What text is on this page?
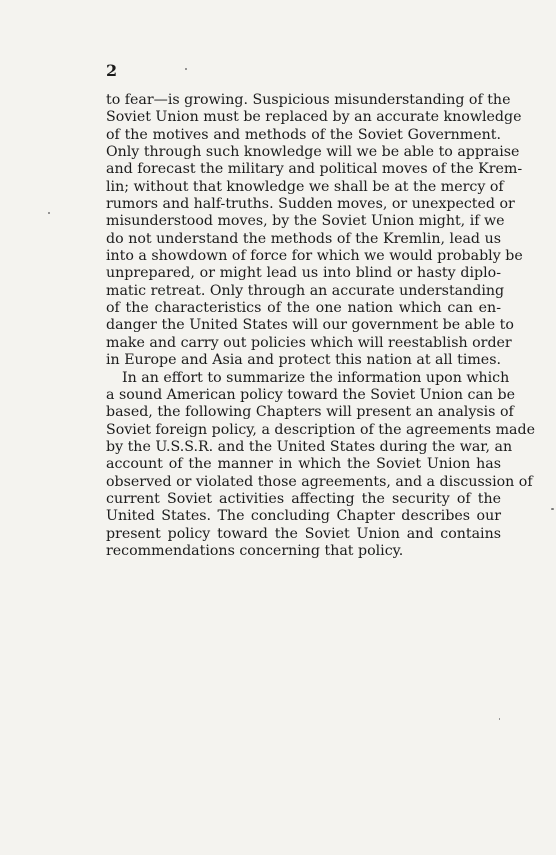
2
to fear—is growing. Suspicious misunderstanding of the
Soviet Union must be replaced by an accurate knowledge
of the motives and methods of the Soviet Government.
Only through such knowledge will we be able to appraise
and forecast the military and political moves of the Krem-
lin; without that knowledge we shall be at the mercy of
rumors and half-truths. Sudden moves, or unexpected or
misunderstood moves, by the Soviet Union might, if we
do not understand the methods of the Kremlin, lead us
into a showdown of force for which we would probably be
unprepared, or might lead us into blind or hasty diplo-
matic retreat. Only through an accurate understanding
of the characteristics of the one nation which can en-
danger the United States will our government be able to
make and carry out policies which will reestablish order
in Europe and Asia and protect this nation at all times.
In an effort to summarize the information upon which
a sound American policy toward the Soviet Union can be
based, the following Chapters will present an analysis of
Soviet foreign policy, a description of the agreements made
by the U.S.S.R. and the United States during the war, an
account of the manner in which the Soviet Union has
observed or violated those agreements, and a discussion of
current Soviet activities affecting the security of the
United States. The concluding Chapter describes our
present policy toward the Soviet Union and contains
recommendations concerning that policy.
